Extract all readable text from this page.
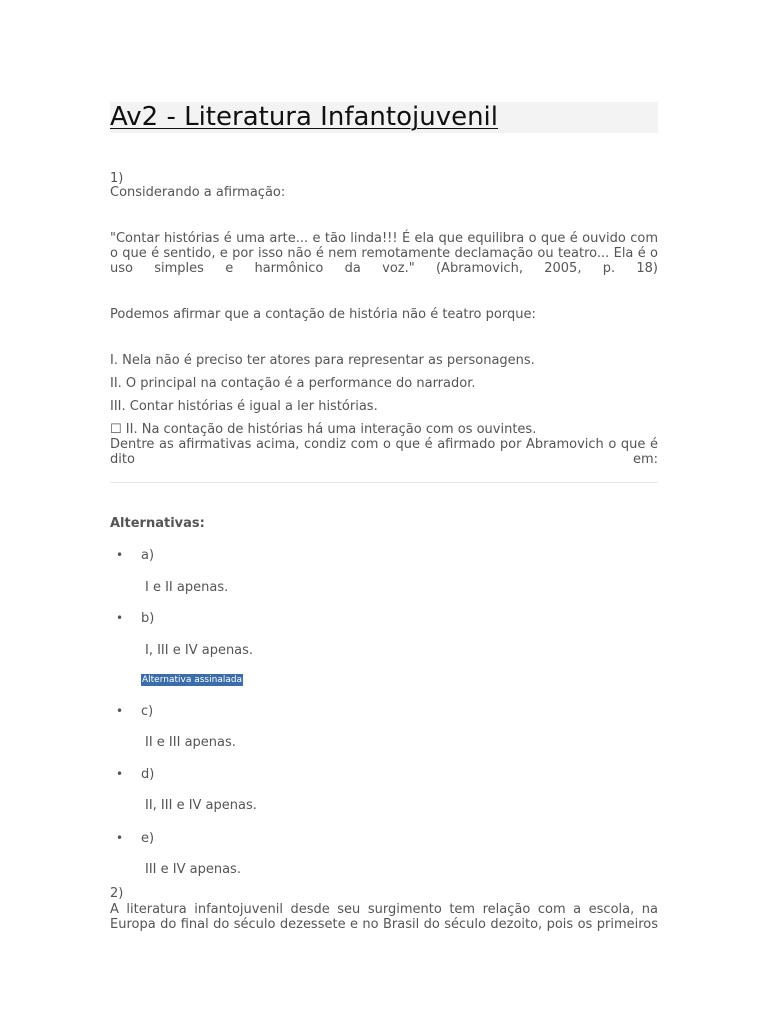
Av2 - Literatura Infantojuvenil
1)
Considerando a afirmação:
"Contar histórias é uma arte... e tão linda!!! É ela que equilibra o que é ouvido com o que é sentido, e por isso não é nem remotamente declamação ou teatro... Ela é o uso simples e harmônico da voz." (Abramovich, 2005, p. 18)
Podemos afirmar que a contação de história não é teatro porque:
I. Nela não é preciso ter atores para representar as personagens.
II. O principal na contação é a performance do narrador.
III. Contar histórias é igual a ler histórias.
☐ II. Na contação de histórias há uma interação com os ouvintes.
Dentre as afirmativas acima, condiz com o que é afirmado por Abramovich o que é dito em:
Alternativas:
• a)
I e II apenas.
• b)
I, III e IV apenas.
Alternativa assinalada
• c)
II e III apenas.
• d)
II, III e IV apenas.
• e)
III e IV apenas.
2)
A literatura infantojuvenil desde seu surgimento tem relação com a escola, na
Europa do final do século dezessete e no Brasil do século dezoito, pois os primeiros
